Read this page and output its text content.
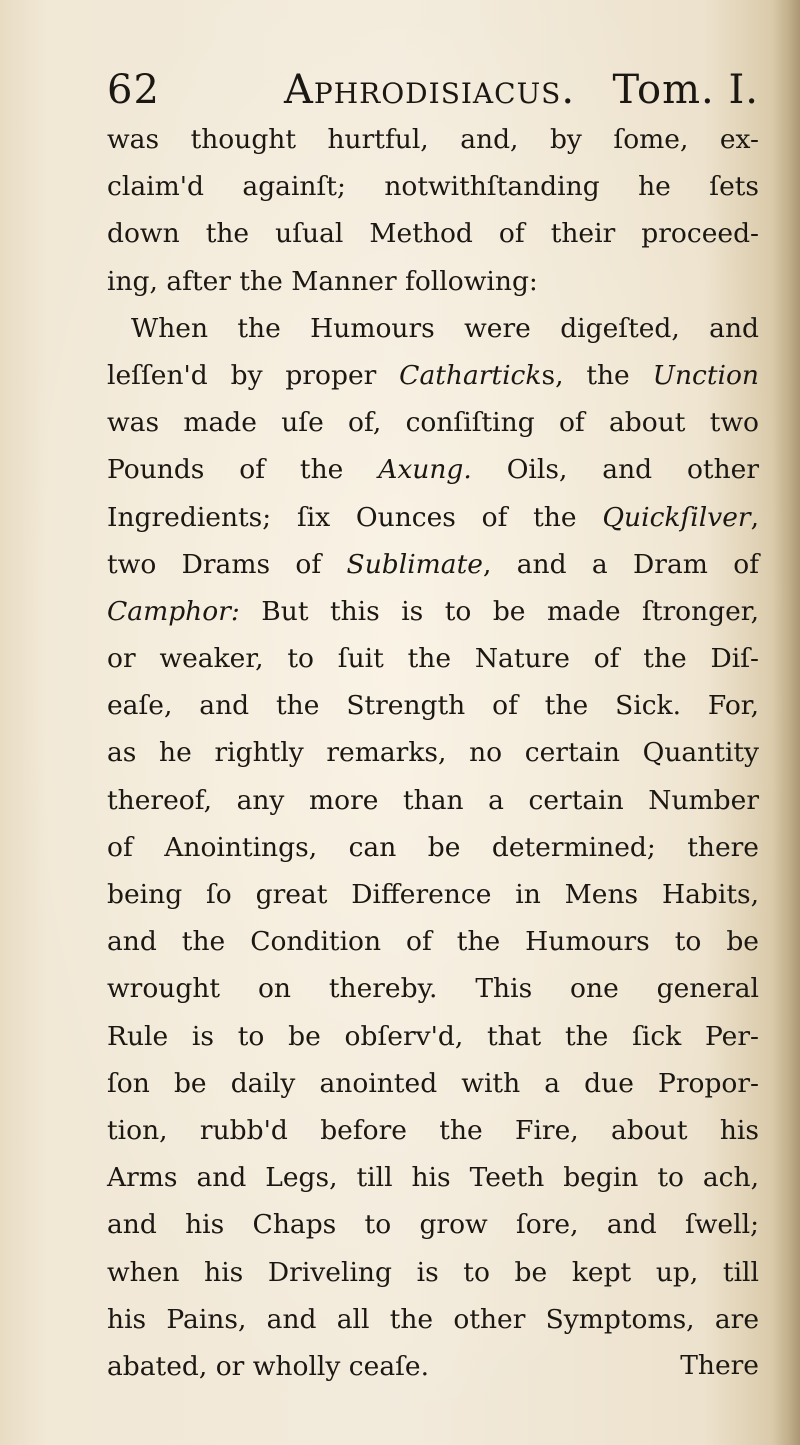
62	Aphrodisiacus. Tom. I.
was thought hurtful, and, by ſome, ex-
claim'd againſt; notwithſtanding he ſets
down the uſual Method of their proceed-
ing, after the Manner following:
When the Humours were digeſted, and
leſſen'd by proper Catharticks, the Unction
was made uſe of, conſiſting of about two
Pounds of the Axung. Oils, and other
Ingredients; ſix Ounces of the Quickſilver,
two Drams of Sublimate, and a Dram of
Camphor: But this is to be made ſtronger,
or weaker, to ſuit the Nature of the Diſ-
eaſe, and the Strength of the Sick. For,
as he rightly remarks, no certain Quantity
thereof, any more than a certain Number
of Anointings, can be determined; there
being ſo great Difference in Mens Habits,
and the Condition of the Humours to be
wrought on thereby. This one general
Rule is to be obſerv'd, that the ſick Per-
ſon be daily anointed with a due Propor-
tion, rubb'd before the Fire, about his
Arms and Legs, till his Teeth begin to ach,
and his Chaps to grow ſore, and ſwell;
when his Driveling is to be kept up, till
his Pains, and all the other Symptoms, are
abated, or wholly ceaſe.	There
